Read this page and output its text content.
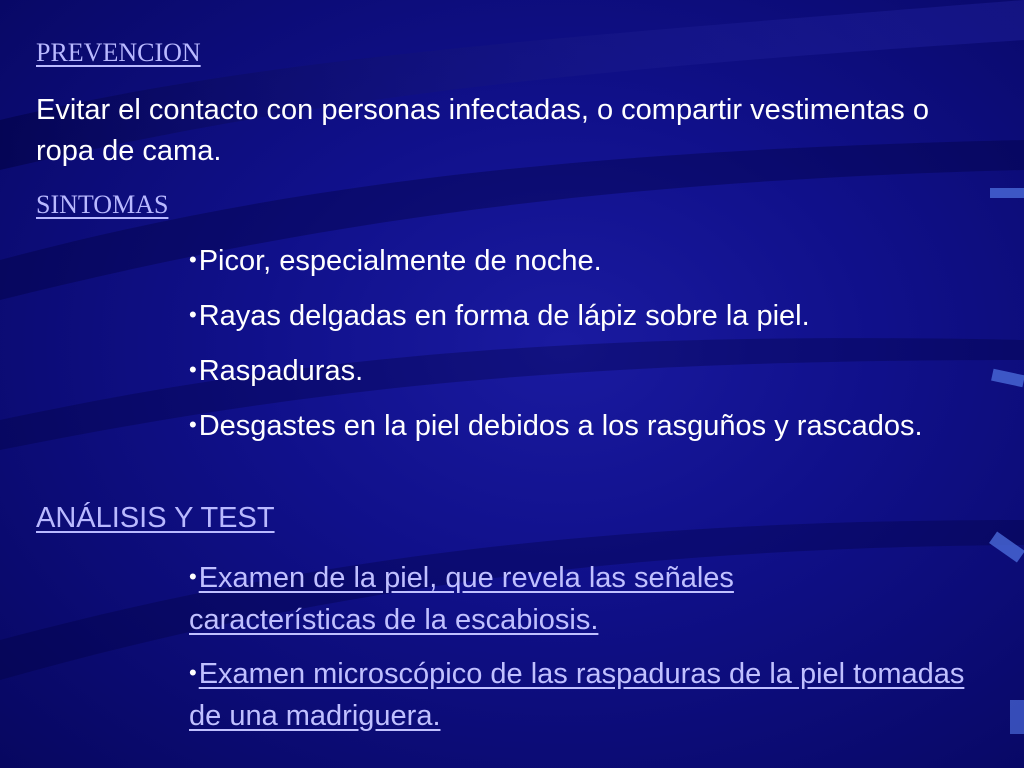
PREVENCION
Evitar el contacto con personas infectadas, o compartir vestimentas o ropa de cama.
SINTOMAS
•Picor, especialmente de noche.
•Rayas delgadas en forma de lápiz sobre la piel.
•Raspaduras.
•Desgastes en la piel debidos a los rasguños y rascados.
ANÁLISIS Y TEST
•Examen de la piel, que revela las señales características de la escabiosis.
•Examen microscópico de las raspaduras de la piel tomadas de una madriguera.
